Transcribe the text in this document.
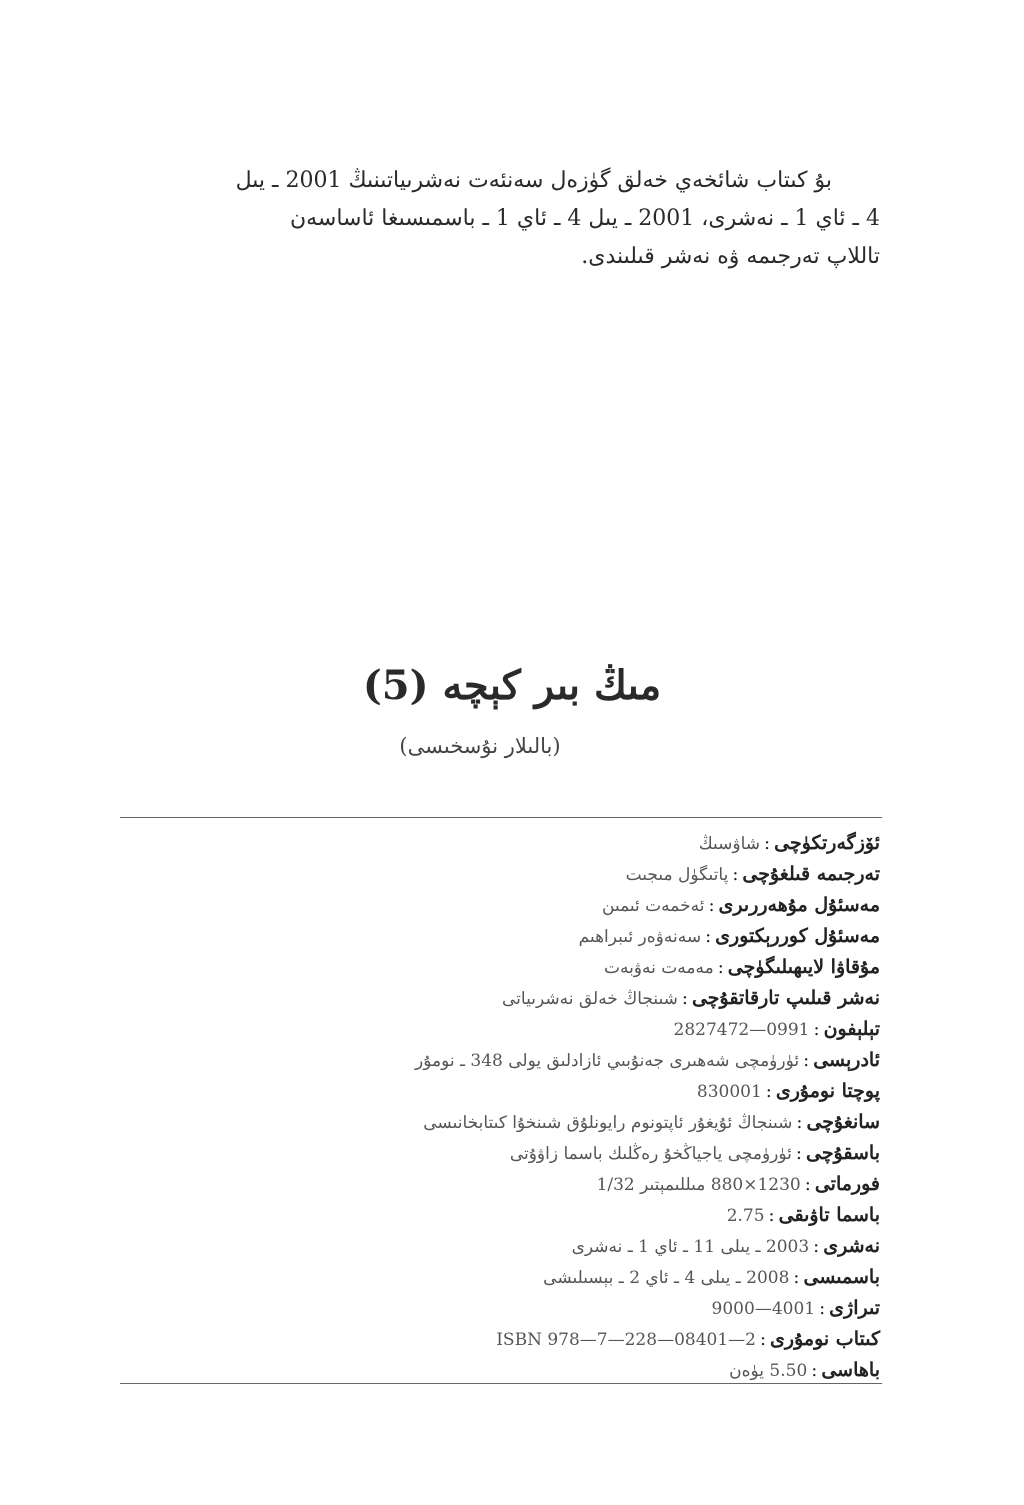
بۇ كىتاب شائخەي خەلق گۈزەل سەنئەت نەشرىياتىنىڭ 2001 ـ يىل
4 ـ ئاي 1 ـ نەشرى، 2001 ـ يىل 4 ـ ئاي 1 ـ باسمىسىغا ئاساسەن
تاللاپ تەرجىمە ۋە نەشر قىلىندى.
مىڭ بىر كېچە (5)
(بالىلار نۇسخىسى)
ئۆزگەرتكۈچى:شاۋسىڭ
تەرجىمە قىلغۇچى:پاتىگۈل مىجىت
مەسئۇل مۇھەررىرى:ئەخمەت ئىمىن
مەسئۇل كوررېكتورى:سەنەۋەر ئىبراھىم
مۇقاۋا لايىھىلىگۈچى:مەمەت نەۋبەت
نەشر قىلىپ تارقاتقۇچى:شىنجاڭ خەلق نەشرىياتى
تېلېفون:0991—2827472
ئادرېسى:ئۈرۈمچى شەھىرى جەنۇبىي ئازادلىق يولى 348 ـ نومۇر
پوچتا نومۇرى:830001
سانغۇچى:شىنجاڭ ئۇيغۇر ئاپتونوم رايونلۇق شىنخۇا كىتابخانىسى
باسقۇچى:ئۈرۈمچى ياجياڭخۇ رەڭلىك باسما زاۋۇتى
فورماتى:1230×880 مىللىمېتىر 1/32
باسما تاۋىقى:2.75
نەشرى:2003 ـ يىلى 11 ـ ئاي 1 ـ نەشرى
باسمىسى:2008 ـ يىلى 4 ـ ئاي 2 ـ بېسىلىشى
تىراژى:4001—9000
كىتاب نومۇرى:ISBN 978—7—228—08401—2
باھاسى:5.50 يۈەن
